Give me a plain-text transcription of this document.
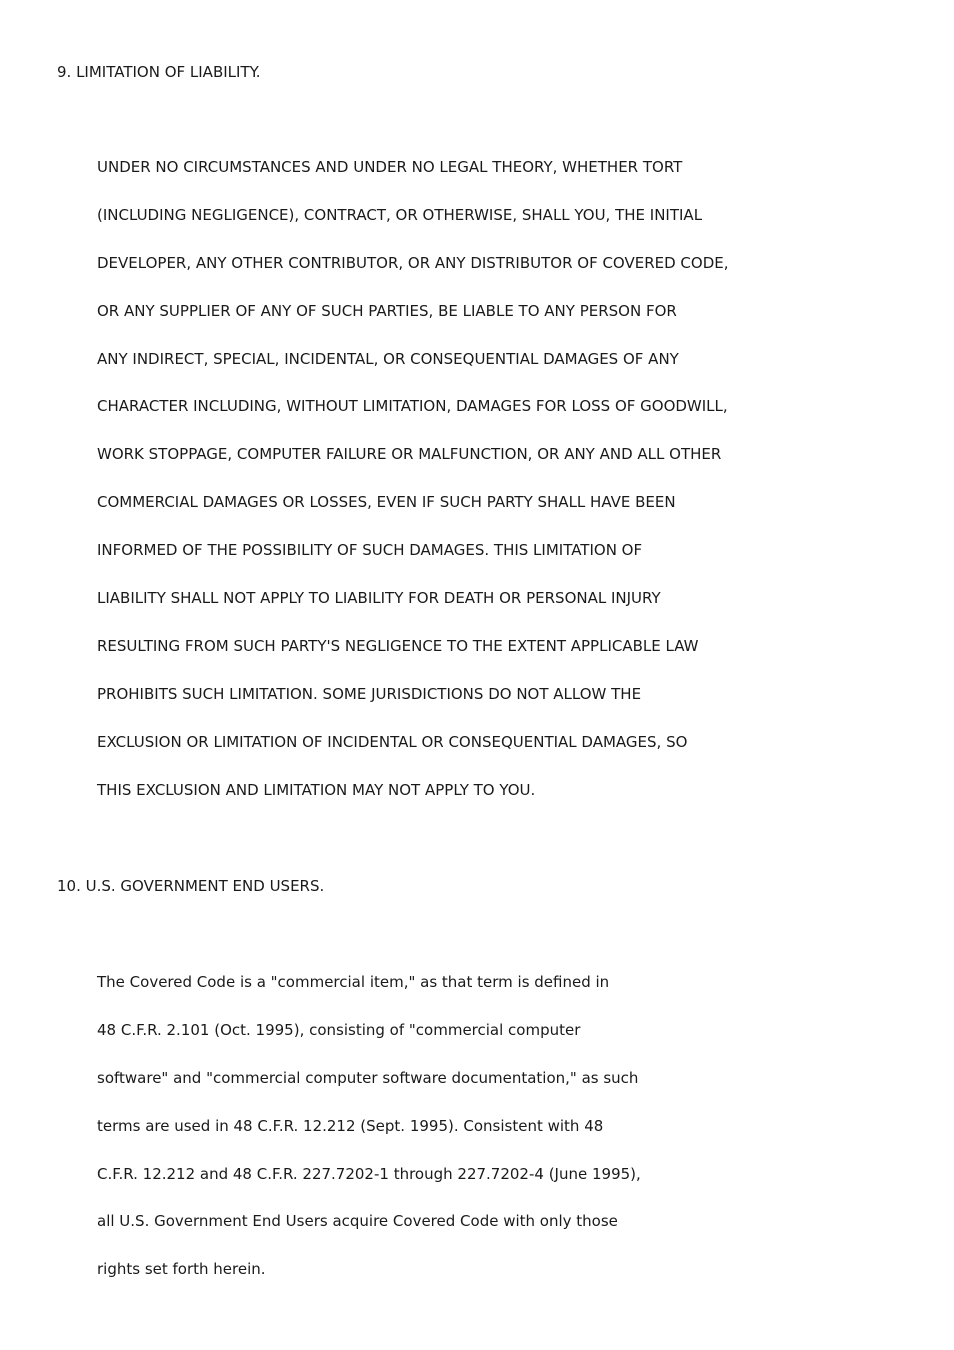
9. LIMITATION OF LIABILITY.
UNDER NO CIRCUMSTANCES AND UNDER NO LEGAL THEORY, WHETHER TORT
(INCLUDING NEGLIGENCE), CONTRACT, OR OTHERWISE, SHALL YOU, THE INITIAL
DEVELOPER, ANY OTHER CONTRIBUTOR, OR ANY DISTRIBUTOR OF COVERED CODE,
OR ANY SUPPLIER OF ANY OF SUCH PARTIES, BE LIABLE TO ANY PERSON FOR
ANY INDIRECT, SPECIAL, INCIDENTAL, OR CONSEQUENTIAL DAMAGES OF ANY
CHARACTER INCLUDING, WITHOUT LIMITATION, DAMAGES FOR LOSS OF GOODWILL,
WORK STOPPAGE, COMPUTER FAILURE OR MALFUNCTION, OR ANY AND ALL OTHER
COMMERCIAL DAMAGES OR LOSSES, EVEN IF SUCH PARTY SHALL HAVE BEEN
INFORMED OF THE POSSIBILITY OF SUCH DAMAGES. THIS LIMITATION OF
LIABILITY SHALL NOT APPLY TO LIABILITY FOR DEATH OR PERSONAL INJURY
RESULTING FROM SUCH PARTY'S NEGLIGENCE TO THE EXTENT APPLICABLE LAW
PROHIBITS SUCH LIMITATION. SOME JURISDICTIONS DO NOT ALLOW THE
EXCLUSION OR LIMITATION OF INCIDENTAL OR CONSEQUENTIAL DAMAGES, SO
THIS EXCLUSION AND LIMITATION MAY NOT APPLY TO YOU.
10. U.S. GOVERNMENT END USERS.
The Covered Code is a "commercial item," as that term is defined in
48 C.F.R. 2.101 (Oct. 1995), consisting of "commercial computer
software" and "commercial computer software documentation," as such
terms are used in 48 C.F.R. 12.212 (Sept. 1995). Consistent with 48
C.F.R. 12.212 and 48 C.F.R. 227.7202-1 through 227.7202-4 (June 1995),
all U.S. Government End Users acquire Covered Code with only those
rights set forth herein.
